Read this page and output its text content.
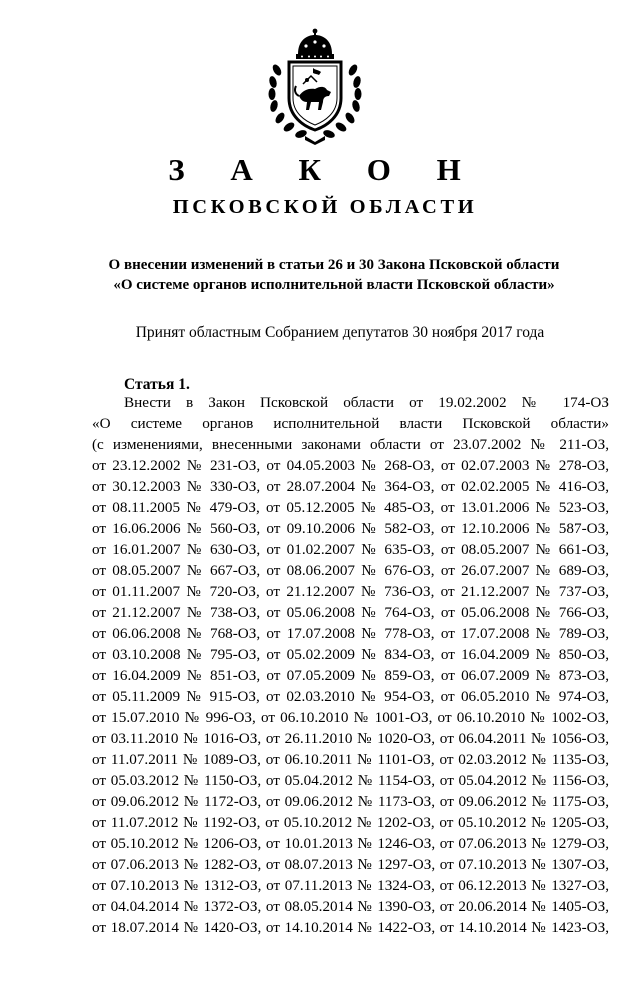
З А К О Н
ПСКОВСКОЙ ОБЛАСТИ
О внесении изменений в статьи 26 и 30 Закона Псковской области
«О системе органов исполнительной власти Псковской области»
Принят областным Собранием депутатов 30 ноября 2017 года
Статья 1.
Внести в Закон Псковской области от 19.02.2002 № 174-ОЗ
«О системе органов исполнительной власти Псковской области»
(с изменениями, внесенными законами области от 23.07.2002 № 211-ОЗ,
от 23.12.2002 № 231-ОЗ, от 04.05.2003 № 268-ОЗ, от 02.07.2003 № 278-ОЗ,
от 30.12.2003 № 330-ОЗ, от 28.07.2004 № 364-ОЗ, от 02.02.2005 № 416-ОЗ,
от 08.11.2005 № 479-ОЗ, от 05.12.2005 № 485-ОЗ, от 13.01.2006 № 523-ОЗ,
от 16.06.2006 № 560-ОЗ, от 09.10.2006 № 582-ОЗ, от 12.10.2006 № 587-ОЗ,
от 16.01.2007 № 630-ОЗ, от 01.02.2007 № 635-ОЗ, от 08.05.2007 № 661-ОЗ,
от 08.05.2007 № 667-ОЗ, от 08.06.2007 № 676-ОЗ, от 26.07.2007 № 689-ОЗ,
от 01.11.2007 № 720-ОЗ, от 21.12.2007 № 736-ОЗ, от 21.12.2007 № 737-ОЗ,
от 21.12.2007 № 738-ОЗ, от 05.06.2008 № 764-ОЗ, от 05.06.2008 № 766-ОЗ,
от 06.06.2008 № 768-ОЗ, от 17.07.2008 № 778-ОЗ, от 17.07.2008 № 789-ОЗ,
от 03.10.2008 № 795-ОЗ, от 05.02.2009 № 834-ОЗ, от 16.04.2009 № 850-ОЗ,
от 16.04.2009 № 851-ОЗ, от 07.05.2009 № 859-ОЗ, от 06.07.2009 № 873-ОЗ,
от 05.11.2009 № 915-ОЗ, от 02.03.2010 № 954-ОЗ, от 06.05.2010 № 974-ОЗ,
от 15.07.2010 № 996-ОЗ, от 06.10.2010 № 1001-ОЗ, от 06.10.2010 № 1002-ОЗ,
от 03.11.2010 № 1016-ОЗ, от 26.11.2010 № 1020-ОЗ, от 06.04.2011 № 1056-ОЗ,
от 11.07.2011 № 1089-ОЗ, от 06.10.2011 № 1101-ОЗ, от 02.03.2012 № 1135-ОЗ,
от 05.03.2012 № 1150-ОЗ, от 05.04.2012 № 1154-ОЗ, от 05.04.2012 № 1156-ОЗ,
от 09.06.2012 № 1172-ОЗ, от 09.06.2012 № 1173-ОЗ, от 09.06.2012 № 1175-ОЗ,
от 11.07.2012 № 1192-ОЗ, от 05.10.2012 № 1202-ОЗ, от 05.10.2012 № 1205-ОЗ,
от 05.10.2012 № 1206-ОЗ, от 10.01.2013 № 1246-ОЗ, от 07.06.2013 № 1279-ОЗ,
от 07.06.2013 № 1282-ОЗ, от 08.07.2013 № 1297-ОЗ, от 07.10.2013 № 1307-ОЗ,
от 07.10.2013 № 1312-ОЗ, от 07.11.2013 № 1324-ОЗ, от 06.12.2013 № 1327-ОЗ,
от 04.04.2014 № 1372-ОЗ, от 08.05.2014 № 1390-ОЗ, от 20.06.2014 № 1405-ОЗ,
от 18.07.2014 № 1420-ОЗ, от 14.10.2014 № 1422-ОЗ, от 14.10.2014 № 1423-ОЗ,
